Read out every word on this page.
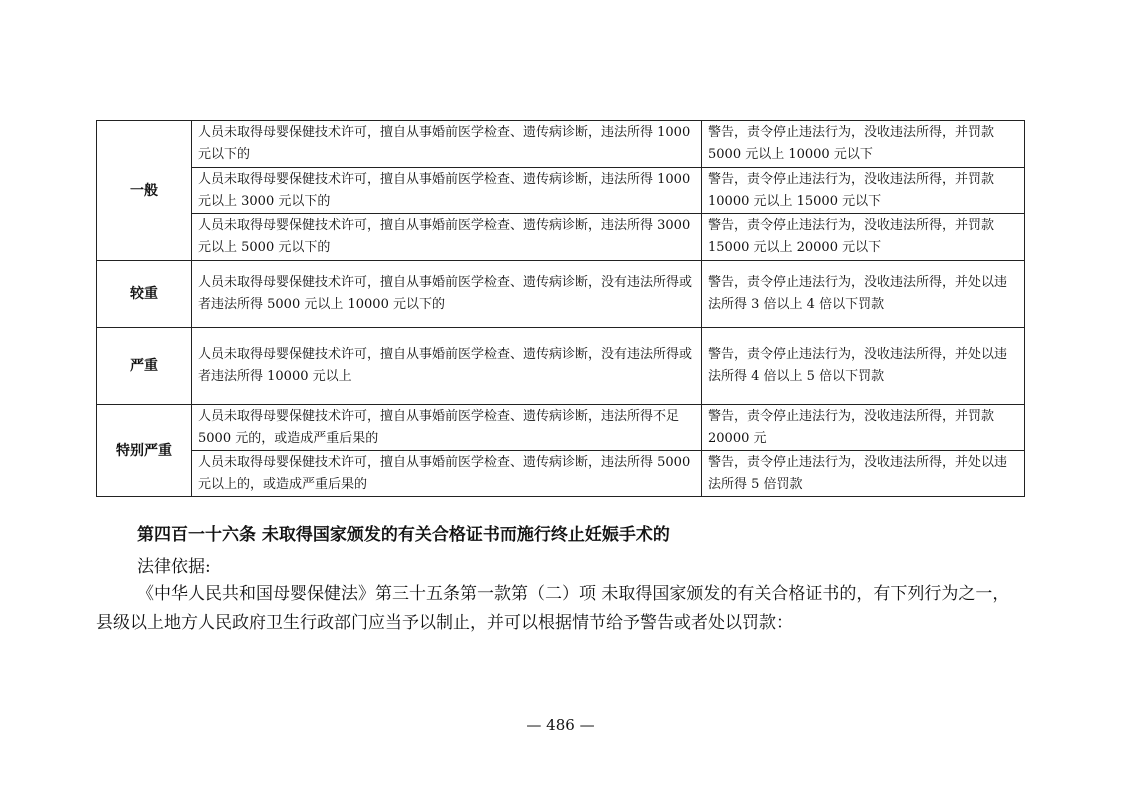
一般	人员未取得母婴保健技术许可，擅自从事婚前医学检查、遗传病诊断，违法所得 1000 元以下的	警告，责令停止违法行为，没收违法所得，并罚款 5000 元以上 10000 元以下

	人员未取得母婴保健技术许可，擅自从事婚前医学检查、遗传病诊断，违法所得 1000 元以上 3000 元以下的	警告，责令停止违法行为，没收违法所得，并罚款 10000 元以上 15000 元以下

	人员未取得母婴保健技术许可，擅自从事婚前医学检查、遗传病诊断，违法所得 3000 元以上 5000 元以下的	警告，责令停止违法行为，没收违法所得，并罚款 15000 元以上 20000 元以下

较重	人员未取得母婴保健技术许可，擅自从事婚前医学检查、遗传病诊断，没有违法所得或者违法所得 5000 元以上 10000 元以下的	警告，责令停止违法行为，没收违法所得，并处以违法所得 3 倍以上 4 倍以下罚款

严重	人员未取得母婴保健技术许可，擅自从事婚前医学检查、遗传病诊断，没有违法所得或者违法所得 10000 元以上	警告，责令停止违法行为，没收违法所得，并处以违法所得 4 倍以上 5 倍以下罚款

特别严重	人员未取得母婴保健技术许可，擅自从事婚前医学检查、遗传病诊断，违法所得不足 5000 元的，或造成严重后果的	警告，责令停止违法行为，没收违法所得，并罚款 20000 元

	人员未取得母婴保健技术许可，擅自从事婚前医学检查、遗传病诊断，违法所得 5000 元以上的，或造成严重后果的	警告，责令停止违法行为，没收违法所得，并处以违法所得 5 倍罚款
第四百一十六条 未取得国家颁发的有关合格证书而施行终止妊娠手术的
法律依据:
《中华人民共和国母婴保健法》第三十五条第一款第（二）项 未取得国家颁发的有关合格证书的，有下列行为之一，县级以上地方人民政府卫生行政部门应当予以制止，并可以根据情节给予警告或者处以罚款：
— 486 —
